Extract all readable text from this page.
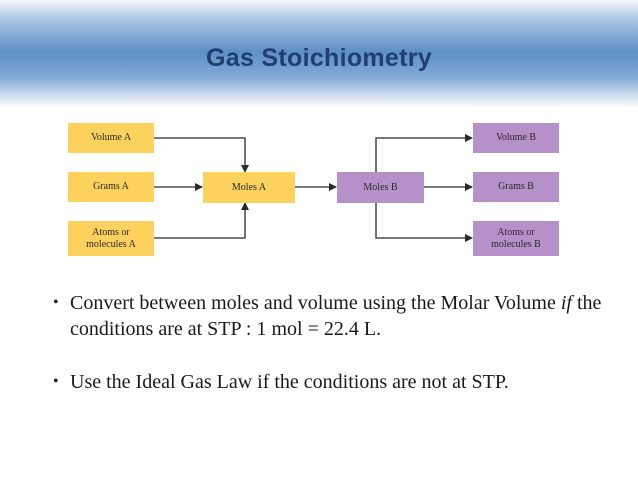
Gas Stoichiometry
Volume A
Grams A
Atoms or
molecules A
Moles A	Moles B
Volume B
Grams B
Atoms or
molecules B
• Convert between moles and volume using the Molar Volume if the conditions are at STP : 1 mol = 22.4 L.
• Use the Ideal Gas Law if the conditions are not at STP.
